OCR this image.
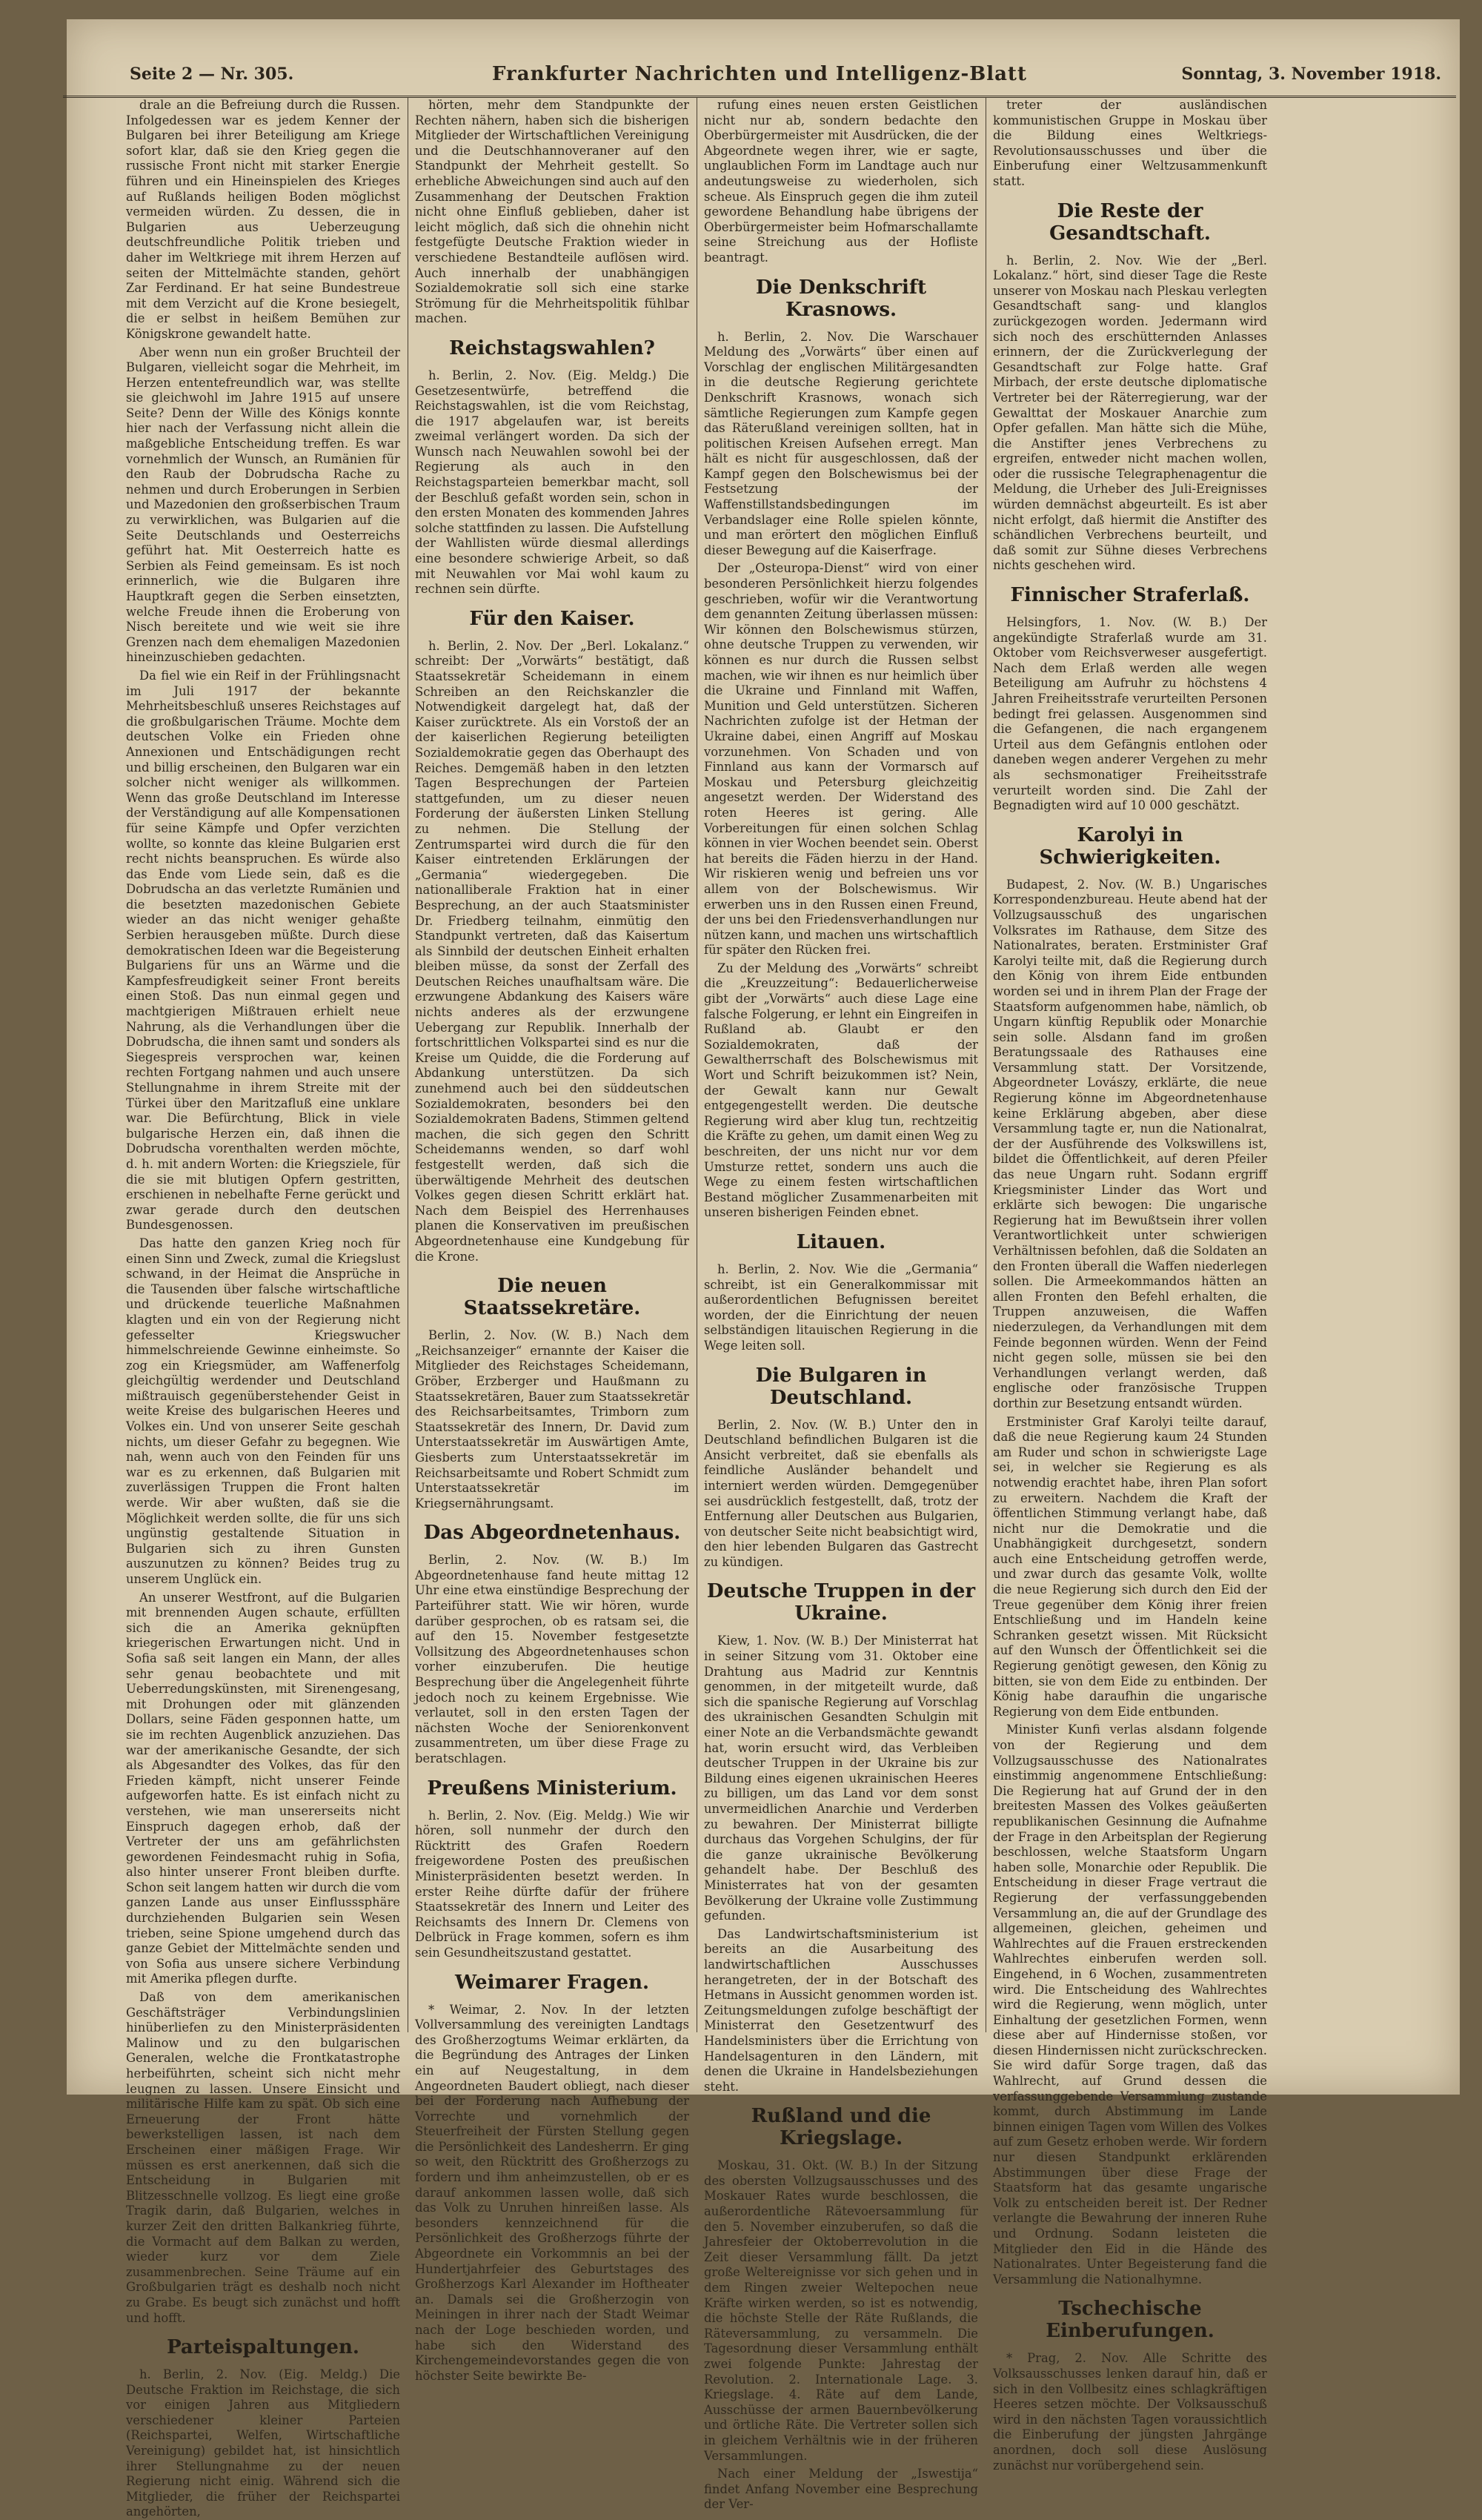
Seite 2 — Nr. 305.	Frankfurter Nachrichten und Intelligenz-Blatt	Sonntag, 3. November 1918.

drale an die Befreiung durch die Russen. Infolgedessen war es jedem Kenner der Bulgaren bei ihrer Beteiligung am Kriege sofort klar, daß sie den Krieg gegen die russische Front nicht mit starker Energie führen und ein Hineinspielen des Krieges auf Rußlands heiligen Boden möglichst vermeiden würden. Zu dessen, die in Bulgarien aus Ueberzeugung deutschfreundliche Politik trieben und daher im Weltkriege mit ihrem Herzen auf seiten der Mittelmächte standen, gehört Zar Ferdinand. Er hat seine Bundestreue mit dem Verzicht auf die Krone besiegelt, die er selbst in heißem Bemühen zur Königskrone gewandelt hatte.

Aber wenn nun ein großer Bruchteil der Bulgaren, vielleicht sogar die Mehrheit, im Herzen ententefreundlich war, was stellte sie gleichwohl im Jahre 1915 auf unsere Seite? Denn der Wille des Königs konnte hier nach der Verfassung nicht allein die maßgebliche Entscheidung treffen. Es war vornehmlich der Wunsch, an Rumänien für den Raub der Dobrudscha Rache zu nehmen und durch Eroberungen in Serbien und Mazedonien den großserbischen Traum zu verwirklichen, was Bulgarien auf die Seite Deutschlands und Oesterreichs geführt hat. Mit Oesterreich hatte es Serbien als Feind gemeinsam. Es ist noch erinnerlich, wie die Bulgaren ihre Hauptkraft gegen die Serben einsetzten, welche Freude ihnen die Eroberung von Nisch bereitete und wie weit sie ihre Grenzen nach dem ehemaligen Mazedonien hineinzuschieben gedachten.

Da fiel wie ein Reif in der Frühlingsnacht im Juli 1917 der bekannte Mehrheitsbeschluß unseres Reichstages auf die großbulgarischen Träume. Mochte dem deutschen Volke ein Frieden ohne Annexionen und Entschädigungen recht und billig erscheinen, den Bulgaren war ein solcher nicht weniger als willkommen. Wenn das große Deutschland im Interesse der Verständigung auf alle Kompensationen für seine Kämpfe und Opfer verzichten wollte, so konnte das kleine Bulgarien erst recht nichts beanspruchen. Es würde also das Ende vom Liede sein, daß es die Dobrudscha an das verletzte Rumänien und die besetzten mazedonischen Gebiete wieder an das nicht weniger gehaßte Serbien herausgeben müßte. Durch diese demokratischen Ideen war die Begeisterung Bulgariens für uns an Wärme und die Kampfesfreudigkeit seiner Front bereits einen Stoß. Das nun einmal gegen und machtgierigen Mißtrauen erhielt neue Nahrung, als die Verhandlungen über die Dobrudscha, die ihnen samt und sonders als Siegespreis versprochen war, keinen rechten Fortgang nahmen und auch unsere Stellungnahme in ihrem Streite mit der Türkei über den Maritzafluß eine unklare war. Die Befürchtung, Blick in viele bulgarische Herzen ein, daß ihnen die Dobrudscha vorenthalten werden möchte, d. h. mit andern Worten: die Kriegsziele, für die sie mit blutigen Opfern gestritten, erschienen in nebelhafte Ferne gerückt und zwar gerade durch den deutschen Bundesgenossen.

Das hatte den ganzen Krieg noch für einen Sinn und Zweck, zumal die Kriegslust schwand, in der Heimat die Ansprüche in die Tausenden über falsche wirtschaftliche und drückende teuerliche Maßnahmen klagten und ein von der Regierung nicht gefesselter Kriegswucher himmelschreiende Gewinne einheimste. So zog ein Kriegsmüder, am Waffenerfolg gleichgültig werdender und Deutschland mißtrauisch gegenüberstehender Geist in weite Kreise des bulgarischen Heeres und Volkes ein. Und von unserer Seite geschah nichts, um dieser Gefahr zu begegnen. Wie nah, wenn auch von den Feinden für uns war es zu erkennen, daß Bulgarien mit zuverlässigen Truppen die Front halten werde. Wir aber wußten, daß sie die Möglichkeit werden sollte, die für uns sich ungünstig gestaltende Situation in Bulgarien sich zu ihren Gunsten auszunutzen zu können? Beides trug zu unserem Unglück ein.

An unserer Westfront, auf die Bulgarien mit brennenden Augen schaute, erfüllten sich die an Amerika geknüpften kriegerischen Erwartungen nicht. Und in Sofia saß seit langen ein Mann, der alles sehr genau beobachtete und mit Ueberredungskünsten, mit Sirenengesang, mit Drohungen oder mit glänzenden Dollars, seine Fäden gesponnen hatte, um sie im rechten Augenblick anzuziehen. Das war der amerikanische Gesandte, der sich als Abgesandter des Volkes, das für den Frieden kämpft, nicht unserer Feinde aufgeworfen hatte. Es ist einfach nicht zu verstehen, wie man unsererseits nicht Einspruch dagegen erhob, daß der Vertreter der uns am gefährlichsten gewordenen Feindesmacht ruhig in Sofia, also hinter unserer Front bleiben durfte. Schon seit langem hatten wir durch die vom ganzen Lande aus unser Einflusssphäre durchziehenden Bulgarien sein Wesen trieben, seine Spione umgehend durch das ganze Gebiet der Mittelmächte senden und von Sofia aus unsere sichere Verbindung mit Amerika pflegen durfte.

Daß von dem amerikanischen Geschäftsträger Verbindungslinien hinüberliefen zu den Ministerpräsidenten Malinow und zu den bulgarischen Generalen, welche die Frontkatastrophe herbeiführten, scheint sich nicht mehr leugnen zu lassen. Unsere Einsicht und militärische Hilfe kam zu spät. Ob sich eine Erneuerung der Front hätte bewerkstelligen lassen, ist nach dem Erscheinen einer mäßigen Frage. Wir müssen es erst anerkennen, daß sich die Entscheidung in Bulgarien mit Blitzesschnelle vollzog. Es liegt eine große Tragik darin, daß Bulgarien, welches in kurzer Zeit den dritten Balkankrieg führte, die Vormacht auf dem Balkan zu werden, wieder kurz vor dem Ziele zusammenbrechen. Seine Träume auf ein Großbulgarien trägt es deshalb noch nicht zu Grabe. Es beugt sich zunächst und hofft und hofft.

Parteispaltungen.

h. Berlin, 2. Nov. (Eig. Meldg.) Die Deutsche Fraktion im Reichstage, die sich vor einigen Jahren aus Mitgliedern verschiedener kleiner Parteien (Reichspartei, Welfen, Wirtschaftliche Vereinigung) gebildet hat, ist hinsichtlich ihrer Stellungnahme zu der neuen Regierung nicht einig. Während sich die Mitglieder, die früher der Reichspartei angehörten,

hörten, mehr dem Standpunkte der Rechten nähern, haben sich die bisherigen Mitglieder der Wirtschaftlichen Vereinigung und die Deutschhannoveraner auf den Standpunkt der Mehrheit gestellt. So erhebliche Abweichungen sind auch auf den Zusammenhang der Deutschen Fraktion nicht ohne Einfluß geblieben, daher ist leicht möglich, daß sich die ohnehin nicht festgefügte Deutsche Fraktion wieder in verschiedene Bestandteile auflösen wird. Auch innerhalb der unabhängigen Sozialdemokratie soll sich eine starke Strömung für die Mehrheitspolitik fühlbar machen.

Reichstagswahlen?

h. Berlin, 2. Nov. (Eig. Meldg.) Die Gesetzesentwürfe, betreffend die Reichstagswahlen, ist die vom Reichstag, die 1917 abgelaufen war, ist bereits zweimal verlängert worden. Da sich der Wunsch nach Neuwahlen sowohl bei der Regierung als auch in den Reichstagsparteien bemerkbar macht, soll der Beschluß gefaßt worden sein, schon in den ersten Monaten des kommenden Jahres solche stattfinden zu lassen. Die Aufstellung der Wahllisten würde diesmal allerdings eine besondere schwierige Arbeit, so daß mit Neuwahlen vor Mai wohl kaum zu rechnen sein dürfte.

Für den Kaiser.

h. Berlin, 2. Nov. Der „Berl. Lokalanz.“ schreibt: Der „Vorwärts“ bestätigt, daß Staatssekretär Scheidemann in einem Schreiben an den Reichskanzler die Notwendigkeit dargelegt hat, daß der Kaiser zurücktrete. Als ein Vorstoß der an der kaiserlichen Regierung beteiligten Sozialdemokratie gegen das Oberhaupt des Reiches. Demgemäß haben in den letzten Tagen Besprechungen der Parteien stattgefunden, um zu dieser neuen Forderung der äußersten Linken Stellung zu nehmen. Die Stellung der Zentrumspartei wird durch die für den Kaiser eintretenden Erklärungen der „Germania“ wiedergegeben. Die nationalliberale Fraktion hat in einer Besprechung, an der auch Staatsminister Dr. Friedberg teilnahm, einmütig den Standpunkt vertreten, daß das Kaisertum als Sinnbild der deutschen Einheit erhalten bleiben müsse, da sonst der Zerfall des Deutschen Reiches unaufhaltsam wäre. Die erzwungene Abdankung des Kaisers wäre nichts anderes als der erzwungene Uebergang zur Republik. Innerhalb der fortschrittlichen Volkspartei sind es nur die Kreise um Quidde, die die Forderung auf Abdankung unterstützen. Da sich zunehmend auch bei den süddeutschen Sozialdemokraten, besonders bei den Sozialdemokraten Badens, Stimmen geltend machen, die sich gegen den Schritt Scheidemanns wenden, so darf wohl festgestellt werden, daß sich die überwältigende Mehrheit des deutschen Volkes gegen diesen Schritt erklärt hat. Nach dem Beispiel des Herrenhauses planen die Konservativen im preußischen Abgeordnetenhause eine Kundgebung für die Krone.

Die neuen Staatssekretäre.

Berlin, 2. Nov. (W. B.) Nach dem „Reichsanzeiger“ ernannte der Kaiser die Mitglieder des Reichstages Scheidemann, Gröber, Erzberger und Haußmann zu Staatssekretären, Bauer zum Staatssekretär des Reichsarbeitsamtes, Trimborn zum Staatssekretär des Innern, Dr. David zum Unterstaatssekretär im Auswärtigen Amte, Giesberts zum Unterstaatssekretär im Reichsarbeitsamte und Robert Schmidt zum Unterstaatssekretär im Kriegsernährungsamt.

Das Abgeordnetenhaus.

Berlin, 2. Nov. (W. B.) Im Abgeordnetenhause fand heute mittag 12 Uhr eine etwa einstündige Besprechung der Parteiführer statt. Wie wir hören, wurde darüber gesprochen, ob es ratsam sei, die auf den 15. November festgesetzte Vollsitzung des Abgeordnetenhauses schon vorher einzuberufen. Die heutige Besprechung über die Angelegenheit führte jedoch noch zu keinem Ergebnisse. Wie verlautet, soll in den ersten Tagen der nächsten Woche der Seniorenkonvent zusammentreten, um über diese Frage zu beratschlagen.

Preußens Ministerium.

h. Berlin, 2. Nov. (Eig. Meldg.) Wie wir hören, soll nunmehr der durch den Rücktritt des Grafen Roedern freigewordene Posten des preußischen Ministerpräsidenten besetzt werden. In erster Reihe dürfte dafür der frühere Staatssekretär des Innern und Leiter des Reichsamts des Innern Dr. Clemens von Delbrück in Frage kommen, sofern es ihm sein Gesundheitszustand gestattet.

Weimarer Fragen.

* Weimar, 2. Nov. In der letzten Vollversammlung des vereinigten Landtags des Großherzogtums Weimar erklärten, da die Begründung des Antrages der Linken ein auf Neugestaltung, in dem Angeordneten Baudert obliegt, nach dieser bei der Forderung nach Aufhebung der Vorrechte und vornehmlich der Steuerfreiheit der Fürsten Stellung gegen die Persönlichkeit des Landesherrn. Er ging so weit, den Rücktritt des Großherzogs zu fordern und ihm anheimzustellen, ob er es darauf ankommen lassen wolle, daß sich das Volk zu Unruhen hinreißen lasse. Als besonders kennzeichnend für die Persönlichkeit des Großherzogs führte der Abgeordnete ein Vorkommnis an bei der Hundertjahrfeier des Geburtstages des Großherzogs Karl Alexander im Hoftheater an. Damals sei die Großherzogin von Meiningen in ihrer nach der Stadt Weimar nach der Loge beschieden worden, und habe sich den Widerstand des Kirchengemeindevorstandes gegen die von höchster Seite bewirkte Be-

rufung eines neuen ersten Geistlichen nicht nur ab, sondern bedachte den Oberbürgermeister mit Ausdrücken, die der Abgeordnete wegen ihrer, wie er sagte, unglaublichen Form im Landtage auch nur andeutungsweise zu wiederholen, sich scheue. Als Einspruch gegen die ihm zuteil gewordene Behandlung habe übrigens der Oberbürgermeister beim Hofmarschallamte seine Streichung aus der Hofliste beantragt.

Die Denkschrift Krasnows.

h. Berlin, 2. Nov. Die Warschauer Meldung des „Vorwärts“ über einen auf Vorschlag der englischen Militärgesandten in die deutsche Regierung gerichtete Denkschrift Krasnows, wonach sich sämtliche Regierungen zum Kampfe gegen das Räterußland vereinigen sollten, hat in politischen Kreisen Aufsehen erregt. Man hält es nicht für ausgeschlossen, daß der Kampf gegen den Bolschewismus bei der Festsetzung der Waffenstillstandsbedingungen im Verbandslager eine Rolle spielen könnte, und man erörtert den möglichen Einfluß dieser Bewegung auf die Kaiserfrage.

Der „Osteuropa-Dienst“ wird von einer besonderen Persönlichkeit hierzu folgendes geschrieben, wofür wir die Verantwortung dem genannten Zeitung überlassen müssen: Wir können den Bolschewismus stürzen, ohne deutsche Truppen zu verwenden, wir können es nur durch die Russen selbst machen, wie wir ihnen es nur heimlich über die Ukraine und Finnland mit Waffen, Munition und Geld unterstützen. Sicheren Nachrichten zufolge ist der Hetman der Ukraine dabei, einen Angriff auf Moskau vorzunehmen. Von Schaden und von Finnland aus kann der Vormarsch auf Moskau und Petersburg gleichzeitig angesetzt werden. Der Widerstand des roten Heeres ist gering. Alle Vorbereitungen für einen solchen Schlag können in vier Wochen beendet sein. Oberst hat bereits die Fäden hierzu in der Hand. Wir riskieren wenig und befreien uns vor allem von der Bolschewismus. Wir erwerben uns in den Russen einen Freund, der uns bei den Friedensverhandlungen nur nützen kann, und machen uns wirtschaftlich für später den Rücken frei.

Zu der Meldung des „Vorwärts“ schreibt die „Kreuzzeitung“: Bedauerlicherweise gibt der „Vorwärts“ auch diese Lage eine falsche Folgerung, er lehnt ein Eingreifen in Rußland ab. Glaubt er den Sozialdemokraten, daß der Gewaltherrschaft des Bolschewismus mit Wort und Schrift beizukommen ist? Nein, der Gewalt kann nur Gewalt entgegengestellt werden. Die deutsche Regierung wird aber klug tun, rechtzeitig die Kräfte zu gehen, um damit einen Weg zu beschreiten, der uns nicht nur vor dem Umsturze rettet, sondern uns auch die Wege zu einem festen wirtschaftlichen Bestand möglicher Zusammenarbeiten mit unseren bisherigen Feinden ebnet.

Litauen.

h. Berlin, 2. Nov. Wie die „Germania“ schreibt, ist ein Generalkommissar mit außerordentlichen Befugnissen bereitet worden, der die Einrichtung der neuen selbständigen litauischen Regierung in die Wege leiten soll.

Die Bulgaren in Deutschland.

Berlin, 2. Nov. (W. B.) Unter den in Deutschland befindlichen Bulgaren ist die Ansicht verbreitet, daß sie ebenfalls als feindliche Ausländer behandelt und interniert werden würden. Demgegenüber sei ausdrücklich festgestellt, daß, trotz der Entfernung aller Deutschen aus Bulgarien, von deutscher Seite nicht beabsichtigt wird, den hier lebenden Bulgaren das Gastrecht zu kündigen.

Deutsche Truppen in der Ukraine.

Kiew, 1. Nov. (W. B.) Der Ministerrat hat in seiner Sitzung vom 31. Oktober eine Drahtung aus Madrid zur Kenntnis genommen, in der mitgeteilt wurde, daß sich die spanische Regierung auf Vorschlag des ukrainischen Gesandten Schulgin mit einer Note an die Verbandsmächte gewandt hat, worin ersucht wird, das Verbleiben deutscher Truppen in der Ukraine bis zur Bildung eines eigenen ukrainischen Heeres zu billigen, um das Land vor dem sonst unvermeidlichen Anarchie und Verderben zu bewahren. Der Ministerrat billigte durchaus das Vorgehen Schulgins, der für die ganze ukrainische Bevölkerung gehandelt habe. Der Beschluß des Ministerrates hat von der gesamten Bevölkerung der Ukraine volle Zustimmung gefunden.

Das Landwirtschaftsministerium ist bereits an die Ausarbeitung des landwirtschaftlichen Ausschusses herangetreten, der in der Botschaft des Hetmans in Aussicht genommen worden ist. Zeitungsmeldungen zufolge beschäftigt der Ministerrat den Gesetzentwurf des Handelsministers über die Errichtung von Handelsagenturen in den Ländern, mit denen die Ukraine in Handelsbeziehungen steht.

Rußland und die Kriegslage.

Moskau, 31. Okt. (W. B.) In der Sitzung des obersten Vollzugsausschusses und des Moskauer Rates wurde beschlossen, die außerordentliche Rätevoersammlung für den 5. November einzuberufen, so daß die Jahresfeier der Oktoberrevolution in die Zeit dieser Versammlung fällt. Da jetzt große Weltereignisse vor sich gehen und in dem Ringen zweier Weltepochen neue Kräfte wirken werden, so ist es notwendig, die höchste Stelle der Räte Rußlands, die Räteversammlung, zu versammeln. Die Tagesordnung dieser Versammlung enthält zwei folgende Punkte: Jahrestag der Revolution. 2. Internationale Lage. 3. Kriegslage. 4. Räte auf dem Lande, Ausschüsse der armen Bauernbevölkerung und örtliche Räte. Die Vertreter sollen sich in gleichem Verhältnis wie in der früheren Versammlungen.

Nach einer Meldung der „Iswestija“ findet Anfang November eine Besprechung der Ver-

treter der ausländischen kommunistischen Gruppe in Moskau über die Bildung eines Weltkriegs-Revolutionsausschusses und über die Einberufung einer Weltzusammenkunft statt.

Die Reste der Gesandtschaft.

h. Berlin, 2. Nov. Wie der „Berl. Lokalanz.“ hört, sind dieser Tage die Reste unserer von Moskau nach Pleskau verlegten Gesandtschaft sang- und klanglos zurückgezogen worden. Jedermann wird sich noch des erschütternden Anlasses erinnern, der die Zurückverlegung der Gesandtschaft zur Folge hatte. Graf Mirbach, der erste deutsche diplomatische Vertreter bei der Räterregierung, war der Gewalttat der Moskauer Anarchie zum Opfer gefallen. Man hätte sich die Mühe, die Anstifter jenes Verbrechens zu ergreifen, entweder nicht machen wollen, oder die russische Telegraphenagentur die Meldung, die Urheber des Juli-Ereignisses würden demnächst abgeurteilt. Es ist aber nicht erfolgt, daß hiermit die Anstifter des schändlichen Verbrechens beurteilt, und daß somit zur Sühne dieses Verbrechens nichts geschehen wird.

Finnischer Straferlaß.

Helsingfors, 1. Nov. (W. B.) Der angekündigte Straferlaß wurde am 31. Oktober vom Reichsverweser ausgefertigt. Nach dem Erlaß werden alle wegen Beteiligung am Aufruhr zu höchstens 4 Jahren Freiheitsstrafe verurteilten Personen bedingt frei gelassen. Ausgenommen sind die Gefangenen, die nach ergangenem Urteil aus dem Gefängnis entlohen oder daneben wegen anderer Vergehen zu mehr als sechsmonatiger Freiheitsstrafe verurteilt worden sind. Die Zahl der Begnadigten wird auf 10 000 geschätzt.

Karolyi in Schwierigkeiten.

Budapest, 2. Nov. (W. B.) Ungarisches Korrespondenzbureau. Heute abend hat der Vollzugsausschuß des ungarischen Volksrates im Rathause, dem Sitze des Nationalrates, beraten. Erstminister Graf Karolyi teilte mit, daß die Regierung durch den König von ihrem Eide entbunden worden sei und in ihrem Plan der Frage der Staatsform aufgenommen habe, nämlich, ob Ungarn künftig Republik oder Monarchie sein solle. Alsdann fand im großen Beratungssaale des Rathauses eine Versammlung statt. Der Vorsitzende, Abgeordneter Lovászy, erklärte, die neue Regierung könne im Abgeordnetenhause keine Erklärung abgeben, aber diese Versammlung tagte er, nun die Nationalrat, der der Ausführende des Volkswillens ist, bildet die Öffentlichkeit, auf deren Pfeiler das neue Ungarn ruht. Sodann ergriff Kriegsminister Linder das Wort und erklärte sich bewogen: Die ungarische Regierung hat im Bewußtsein ihrer vollen Verantwortlichkeit unter schwierigen Verhältnissen befohlen, daß die Soldaten an den Fronten überall die Waffen niederlegen sollen. Die Armeekommandos hätten an allen Fronten den Befehl erhalten, die Truppen anzuweisen, die Waffen niederzulegen, da Verhandlungen mit dem Feinde begonnen würden. Wenn der Feind nicht gegen solle, müssen sie bei den Verhandlungen verlangt werden, daß englische oder französische Truppen dorthin zur Besetzung entsandt würden.

Erstminister Graf Karolyi teilte darauf, daß die neue Regierung kaum 24 Stunden am Ruder und schon in schwierigste Lage sei, in welcher sie Regierung es als notwendig erachtet habe, ihren Plan sofort zu erweitern. Nachdem die Kraft der öffentlichen Stimmung verlangt habe, daß nicht nur die Demokratie und die Unabhängigkeit durchgesetzt, sondern auch eine Entscheidung getroffen werde, und zwar durch das gesamte Volk, wollte die neue Regierung sich durch den Eid der Treue gegenüber dem König ihrer freien Entschließung und im Handeln keine Schranken gesetzt wissen. Mit Rücksicht auf den Wunsch der Öffentlichkeit sei die Regierung genötigt gewesen, den König zu bitten, sie von dem Eide zu entbinden. Der König habe daraufhin die ungarische Regierung von dem Eide entbunden.

Minister Kunfi verlas alsdann folgende von der Regierung und dem Vollzugsausschusse des Nationalrates einstimmig angenommene Entschließung: Die Regierung hat auf Grund der in den breitesten Massen des Volkes geäußerten republikanischen Gesinnung die Aufnahme der Frage in den Arbeitsplan der Regierung beschlossen, welche Staatsform Ungarn haben solle, Monarchie oder Republik. Die Entscheidung in dieser Frage vertraut die Regierung der verfassunggebenden Versammlung an, die auf der Grundlage des allgemeinen, gleichen, geheimen und Wahlrechtes auf die Frauen erstreckenden Wahlrechtes einberufen werden soll. Eingehend, in 6 Wochen, zusammentreten wird. Die Entscheidung des Wahlrechtes wird die Regierung, wenn möglich, unter Einhaltung der gesetzlichen Formen, wenn diese aber auf Hindernisse stoßen, vor diesen Hindernissen nicht zurückschrecken. Sie wird dafür Sorge tragen, daß das Wahlrecht, auf Grund dessen die verfassunggebende Versammlung zustande kommt, durch Abstimmung im Lande binnen einigen Tagen vom Willen des Volkes auf zum Gesetz erhoben werde. Wir fordern nur diesen Standpunkt erklärenden Abstimmungen über diese Frage der Staatsform hat das gesamte ungarische Volk zu entscheiden bereit ist. Der Redner verlangte die Bewahrung der inneren Ruhe und Ordnung. Sodann leisteten die Mitglieder den Eid in die Hände des Nationalrates. Unter Begeisterung fand die Versammlung die Nationalhymne.

Tschechische Einberufungen.

* Prag, 2. Nov. Alle Schritte des Volksausschusses lenken darauf hin, daß er sich in den Vollbesitz eines schlagkräftigen Heeres setzen möchte. Der Volksausschuß wird in den nächsten Tagen voraussichtlich die Einberufung der jüngsten Jahrgänge anordnen, doch soll diese Auslösung zunächst nur vorübergehend sein.
